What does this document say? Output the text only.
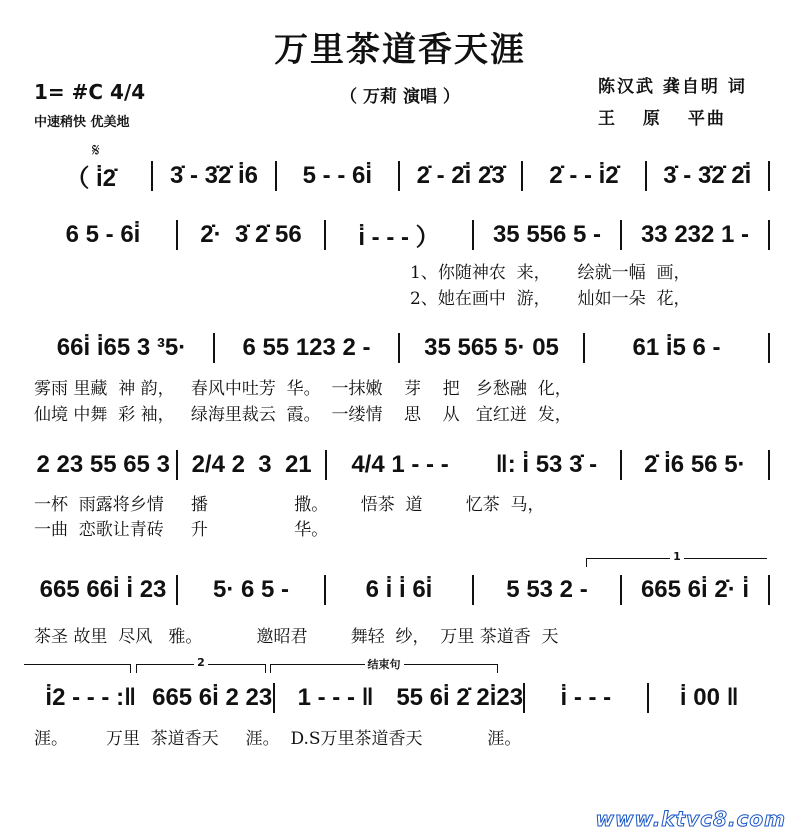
万里茶道香天涯
（ 万莉 演唱 ）
1= #C 4/4
中速稍快 优美地
陈汉武 龚自明 词
王 原 平曲
𝄋
（ i̇2̇	3̇ - 3̇2̇ i̇6	5 - - 6i̇	2̇ - 2̇i̇ 2̇3̇	2̇ - - i̇2̇	3̇ - 3̇2̇ 2̇i̇
6 5 - 6i̇	2̇·  3̇ 2̇ 56	i̇ - - - ）	35 556 5 -	33 232 1 -
1、你随神农  来，     绘就一幅  画，
2、她在画中  游，     灿如一朵  花，
66i̇ i̇65 3 ³5·	6 55 123 2 -	35 565 5· 05	61 i̇5 6 -
雾雨 里藏  神 韵，   春风中吐芳  华。  一抹嫩    芽    把   乡愁融  化，
仙境 中舞  彩 袖，   绿海里裁云  霞。  一缕情    思    从   宜红迸  发，
2 23 55 65 3 2/4 2  3  21	4/4 1 - - -	‖: i̇ 53 3̇ -	2̇ i̇6 56 5·
一杯  雨露将乡情     播                撒。      悟茶  道        忆茶  马，
一曲  恋歌让青砖     升                华。
1
665 66i̇ i̇ 23	5· 6 5 -	6 i̇ i̇ 6i̇	5 53 2 -	665 6i̇ 2̇· i̇
茶圣 故里  尽风   雅。          邀昭君        舞轻  纱，  万里 茶道香  天
2	结束句
i̇2 - - - :‖ 665 6i̇ 2 23	1 - - - ‖ 55 6i̇ 2̇ 2i̇23	i̇ - - -	i̇ 00 ‖
涯。       万里  茶道香天     涯。  D.S万里茶道香天            涯。
www.ktvc8.com
